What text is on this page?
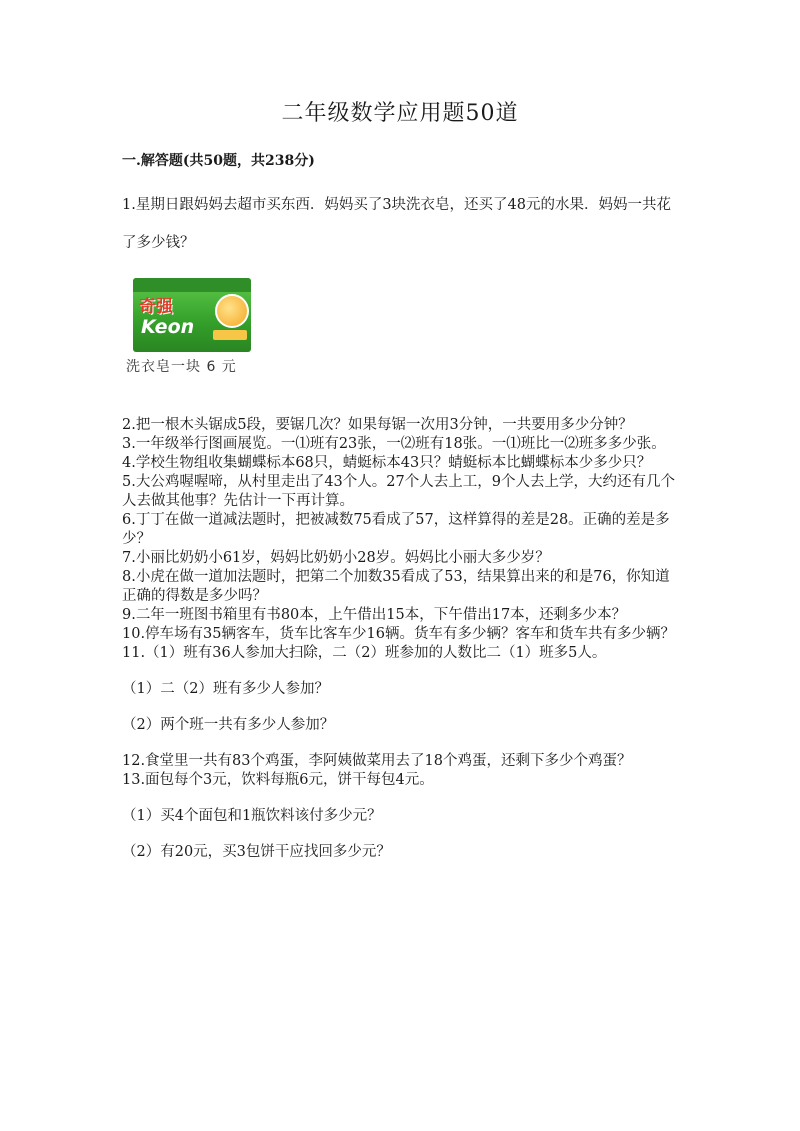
二年级数学应用题50道
一.解答题(共50题，共238分)
1.星期日跟妈妈去超市买东西．妈妈买了3块洗衣皂，还买了48元的水果．妈妈一共花了多少钱？
奇强
Keon
洗衣皂一块 6 元

2.把一根木头锯成5段，要锯几次？如果每锯一次用3分钟，一共要用多少分钟？

3.一年级举行图画展览。一⑴班有23张，一⑵班有18张。一⑴班比一⑵班多多少张。

4.学校生物组收集蝴蝶标本68只，蜻蜓标本43只？蜻蜓标本比蝴蝶标本少多少只？

5.大公鸡喔喔啼，从村里走出了43个人。27个人去上工，9个人去上学，大约还有几个人去做其他事？先估计一下再计算。

6.丁丁在做一道减法题时，把被减数75看成了57，这样算得的差是28。正确的差是多少？

7.小丽比奶奶小61岁，妈妈比奶奶小28岁。妈妈比小丽大多少岁？

8.小虎在做一道加法题时，把第二个加数35看成了53，结果算出来的和是76，你知道正确的得数是多少吗？

9.二年一班图书箱里有书80本，上午借出15本，下午借出17本，还剩多少本？

10.停车场有35辆客车，货车比客车少16辆。货车有多少辆？客车和货车共有多少辆？

11.（1）班有36人参加大扫除，二（2）班参加的人数比二（1）班多5人。

（1）二（2）班有多少人参加？

（2）两个班一共有多少人参加？

12.食堂里一共有83个鸡蛋，李阿姨做菜用去了18个鸡蛋，还剩下多少个鸡蛋？

13.面包每个3元，饮料每瓶6元，饼干每包4元。

（1）买4个面包和1瓶饮料该付多少元？

（2）有20元，买3包饼干应找回多少元？
